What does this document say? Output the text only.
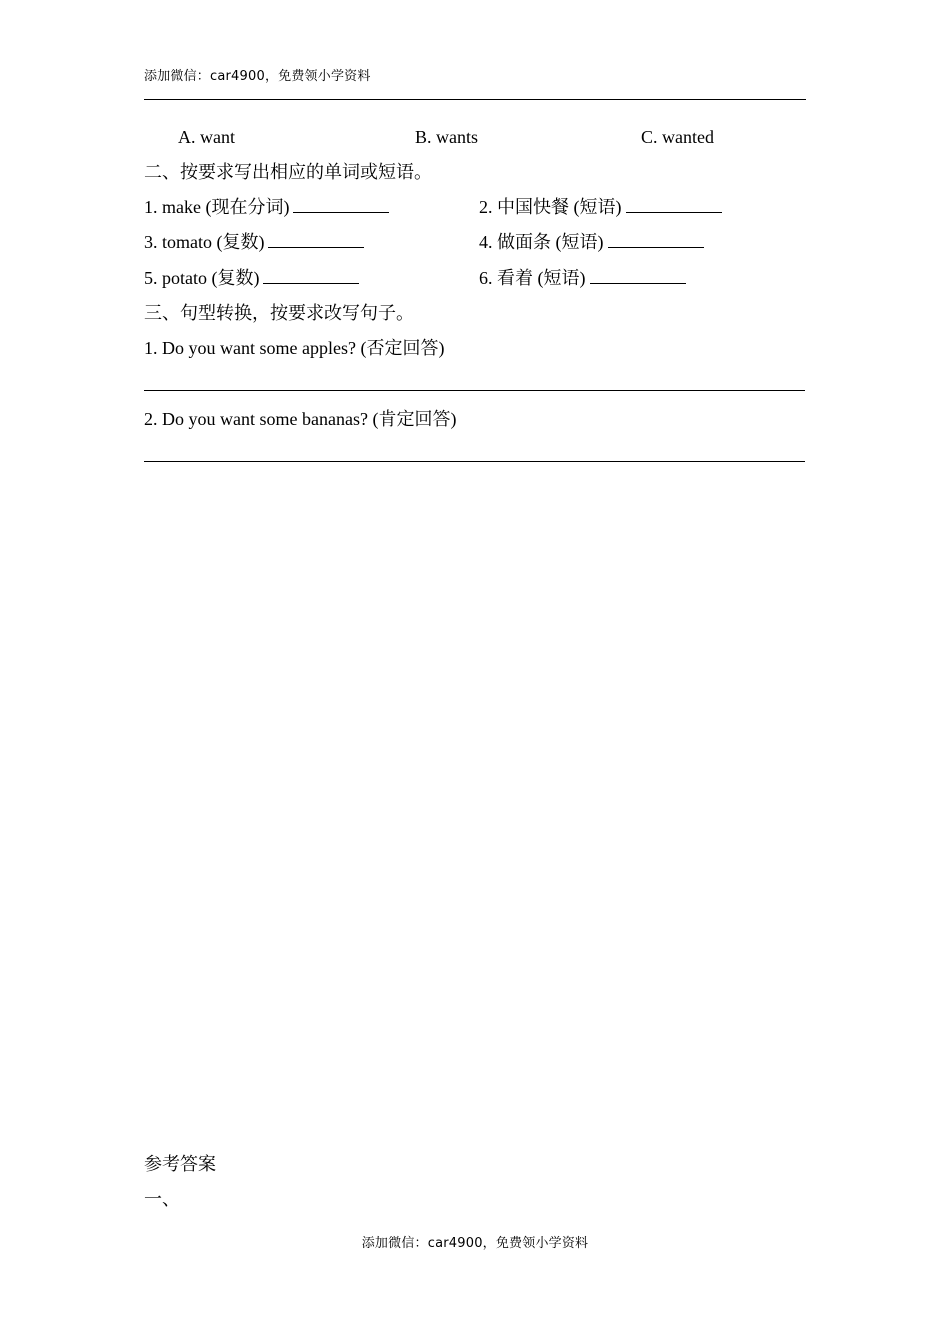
添加微信：car4900，免费领小学资料
A. want	B. wants	C. wanted
二、按要求写出相应的单词或短语。
1. make (现在分词)	2. 中国快餐 (短语)
3. tomato (复数)	4. 做面条 (短语)
5. potato (复数)	6. 看着 (短语)
三、句型转换，按要求改写句子。
1. Do you want some apples? (否定回答)
2. Do you want some bananas? (肯定回答)
参考答案
一、
添加微信：car4900，免费领小学资料
